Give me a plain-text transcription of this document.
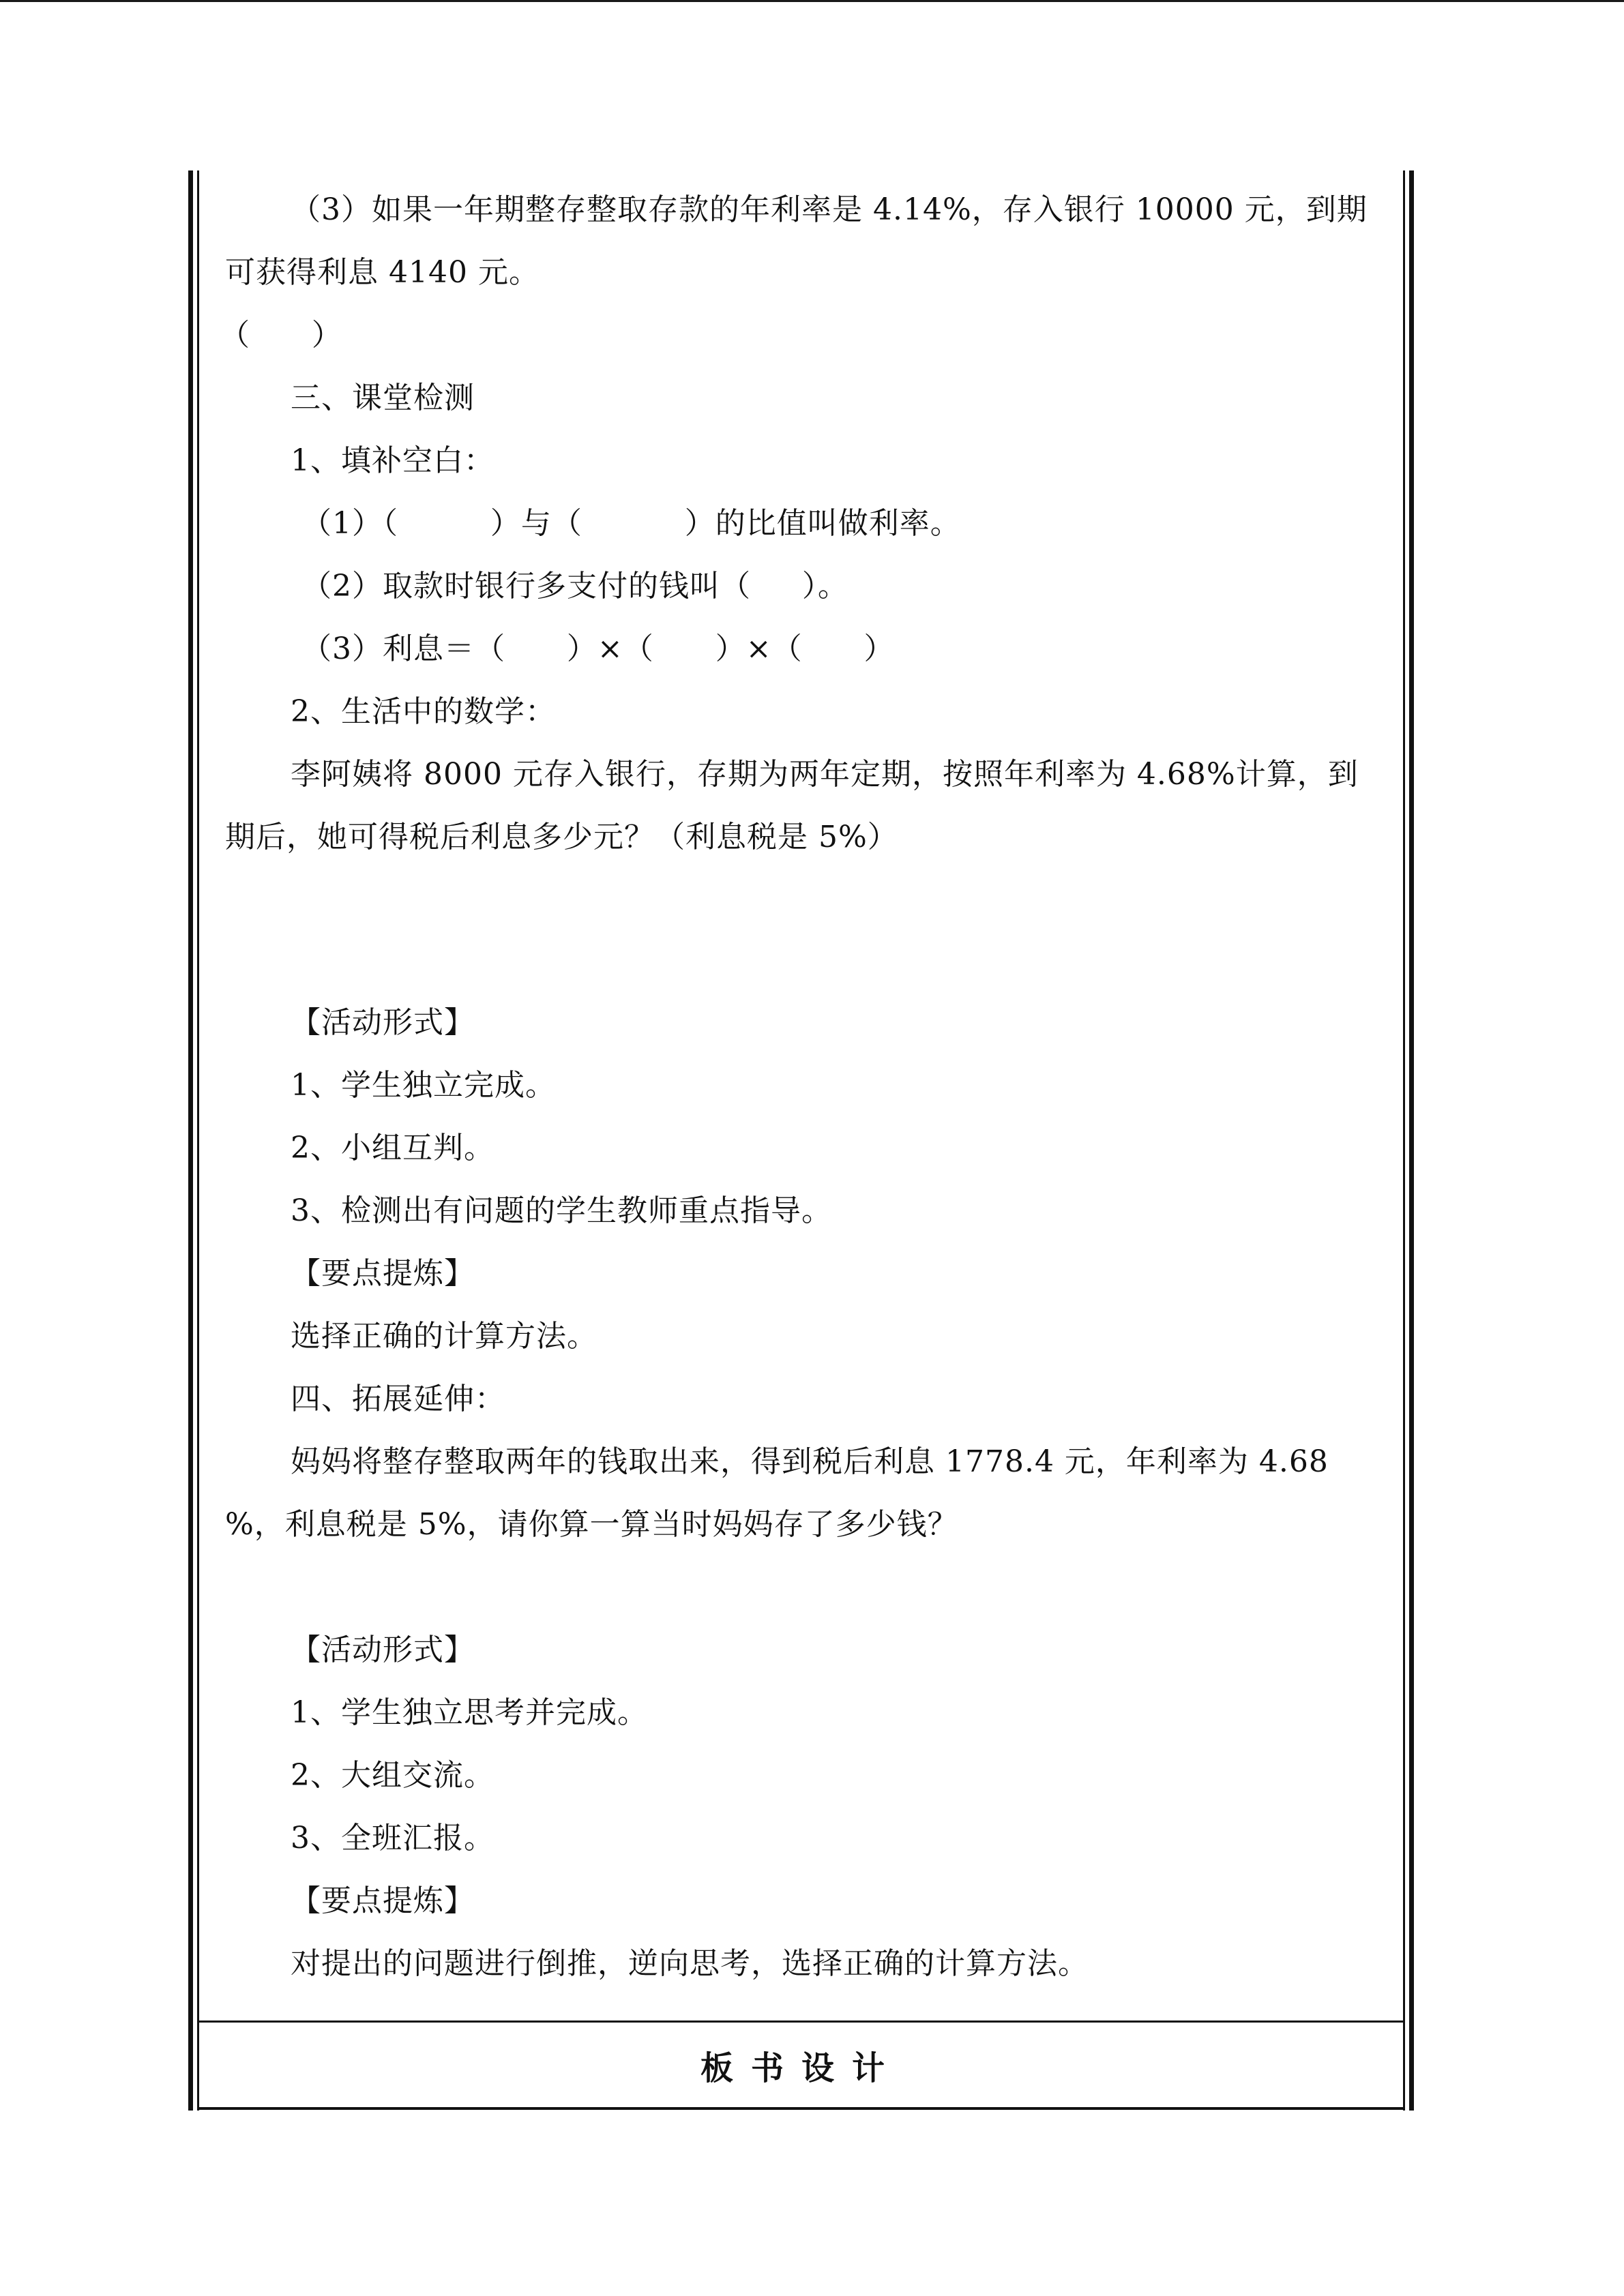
（3）如果一年期整存整取存款的年利率是 4.14%，存入银行 10000 元，到期

可获得利息 4140 元。

（      ）

三、课堂检测

1、填补空白：

（1）（         ）与（          ）的比值叫做利率。

（2）取款时银行多支付的钱叫（     ）。

（3）利息＝（      ）×（      ）×（      ）

2、生活中的数学：

李阿姨将 8000 元存入银行，存期为两年定期，按照年利率为 4.68%计算，到

期后，她可得税后利息多少元？（利息税是 5%）

【活动形式】

1、学生独立完成。

2、小组互判。

3、检测出有问题的学生教师重点指导。

【要点提炼】

选择正确的计算方法。

四、拓展延伸：

妈妈将整存整取两年的钱取出来，得到税后利息 1778.4 元，年利率为 4.68

%，利息税是 5%，请你算一算当时妈妈存了多少钱？

【活动形式】

1、学生独立思考并完成。

2、大组交流。

3、全班汇报。

【要点提炼】

对提出的问题进行倒推，逆向思考，选择正确的计算方法。

板书设计
